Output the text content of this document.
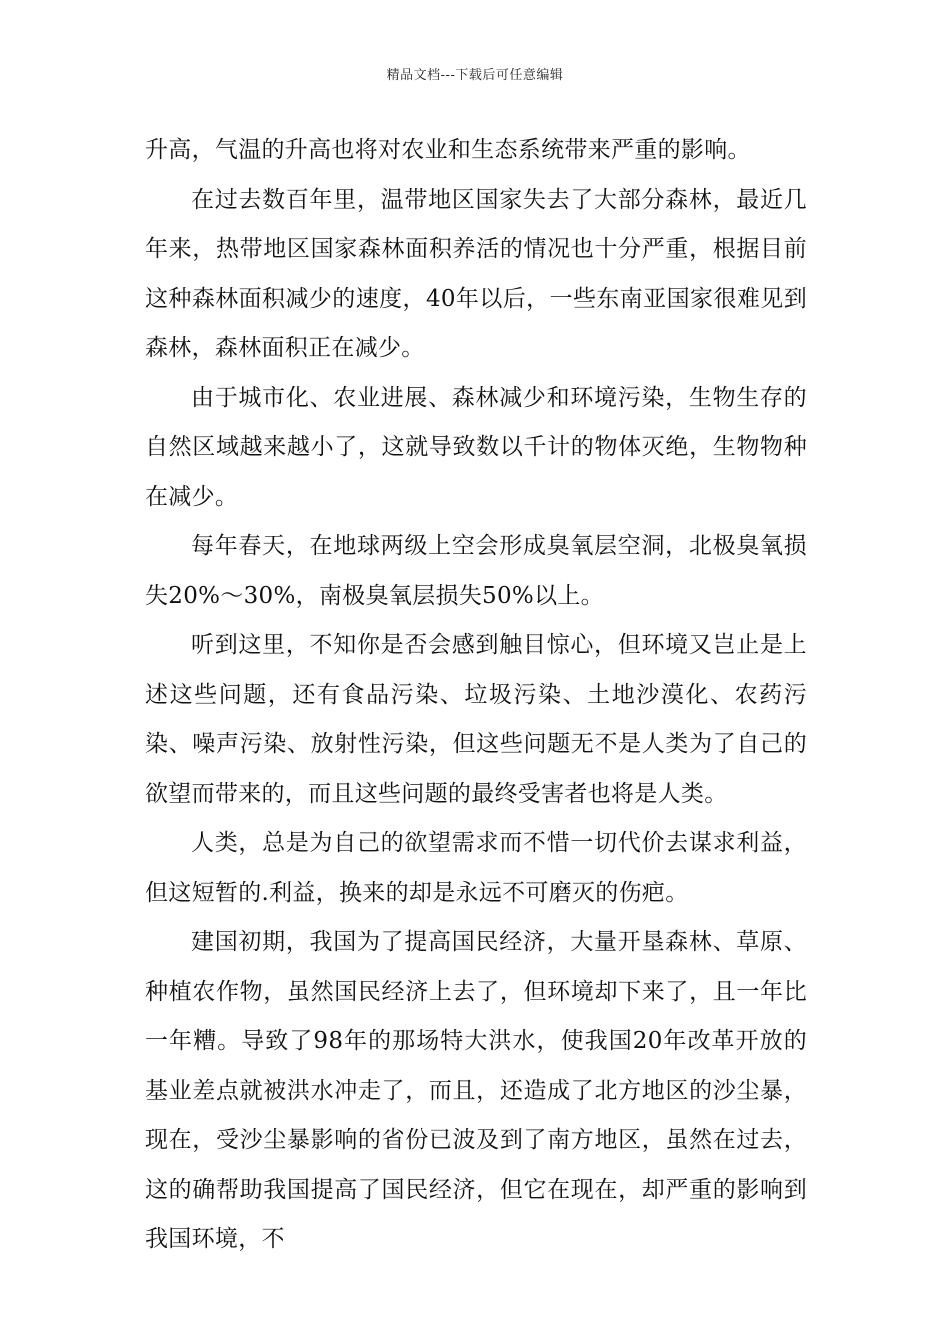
精品文档---下载后可任意编辑

升高，气温的升高也将对农业和生态系统带来严重的影响。

在过去数百年里，温带地区国家失去了大部分森林，最近几年来，热带地区国家森林面积养活的情况也十分严重，根据目前这种森林面积减少的速度，40年以后，一些东南亚国家很难见到森林，森林面积正在减少。

由于城市化、农业进展、森林减少和环境污染，生物生存的自然区域越来越小了，这就导致数以千计的物体灭绝，生物物种在减少。

每年春天，在地球两级上空会形成臭氧层空洞，北极臭氧损失20%～30%，南极臭氧层损失50%以上。

听到这里，不知你是否会感到触目惊心，但环境又岂止是上述这些问题，还有食品污染、垃圾污染、土地沙漠化、农药污染、噪声污染、放射性污染，但这些问题无不是人类为了自己的欲望而带来的，而且这些问题的最终受害者也将是人类。

人类，总是为自己的欲望需求而不惜一切代价去谋求利益，但这短暂的.利益，换来的却是永远不可磨灭的伤疤。

建国初期，我国为了提高国民经济，大量开垦森林、草原、种植农作物，虽然国民经济上去了，但环境却下来了，且一年比一年糟。导致了98年的那场特大洪水，使我国20年改革开放的基业差点就被洪水冲走了，而且，还造成了北方地区的沙尘暴，现在，受沙尘暴影响的省份已波及到了南方地区，虽然在过去，这的确帮助我国提高了国民经济，但它在现在，却严重的影响到我国环境，不
